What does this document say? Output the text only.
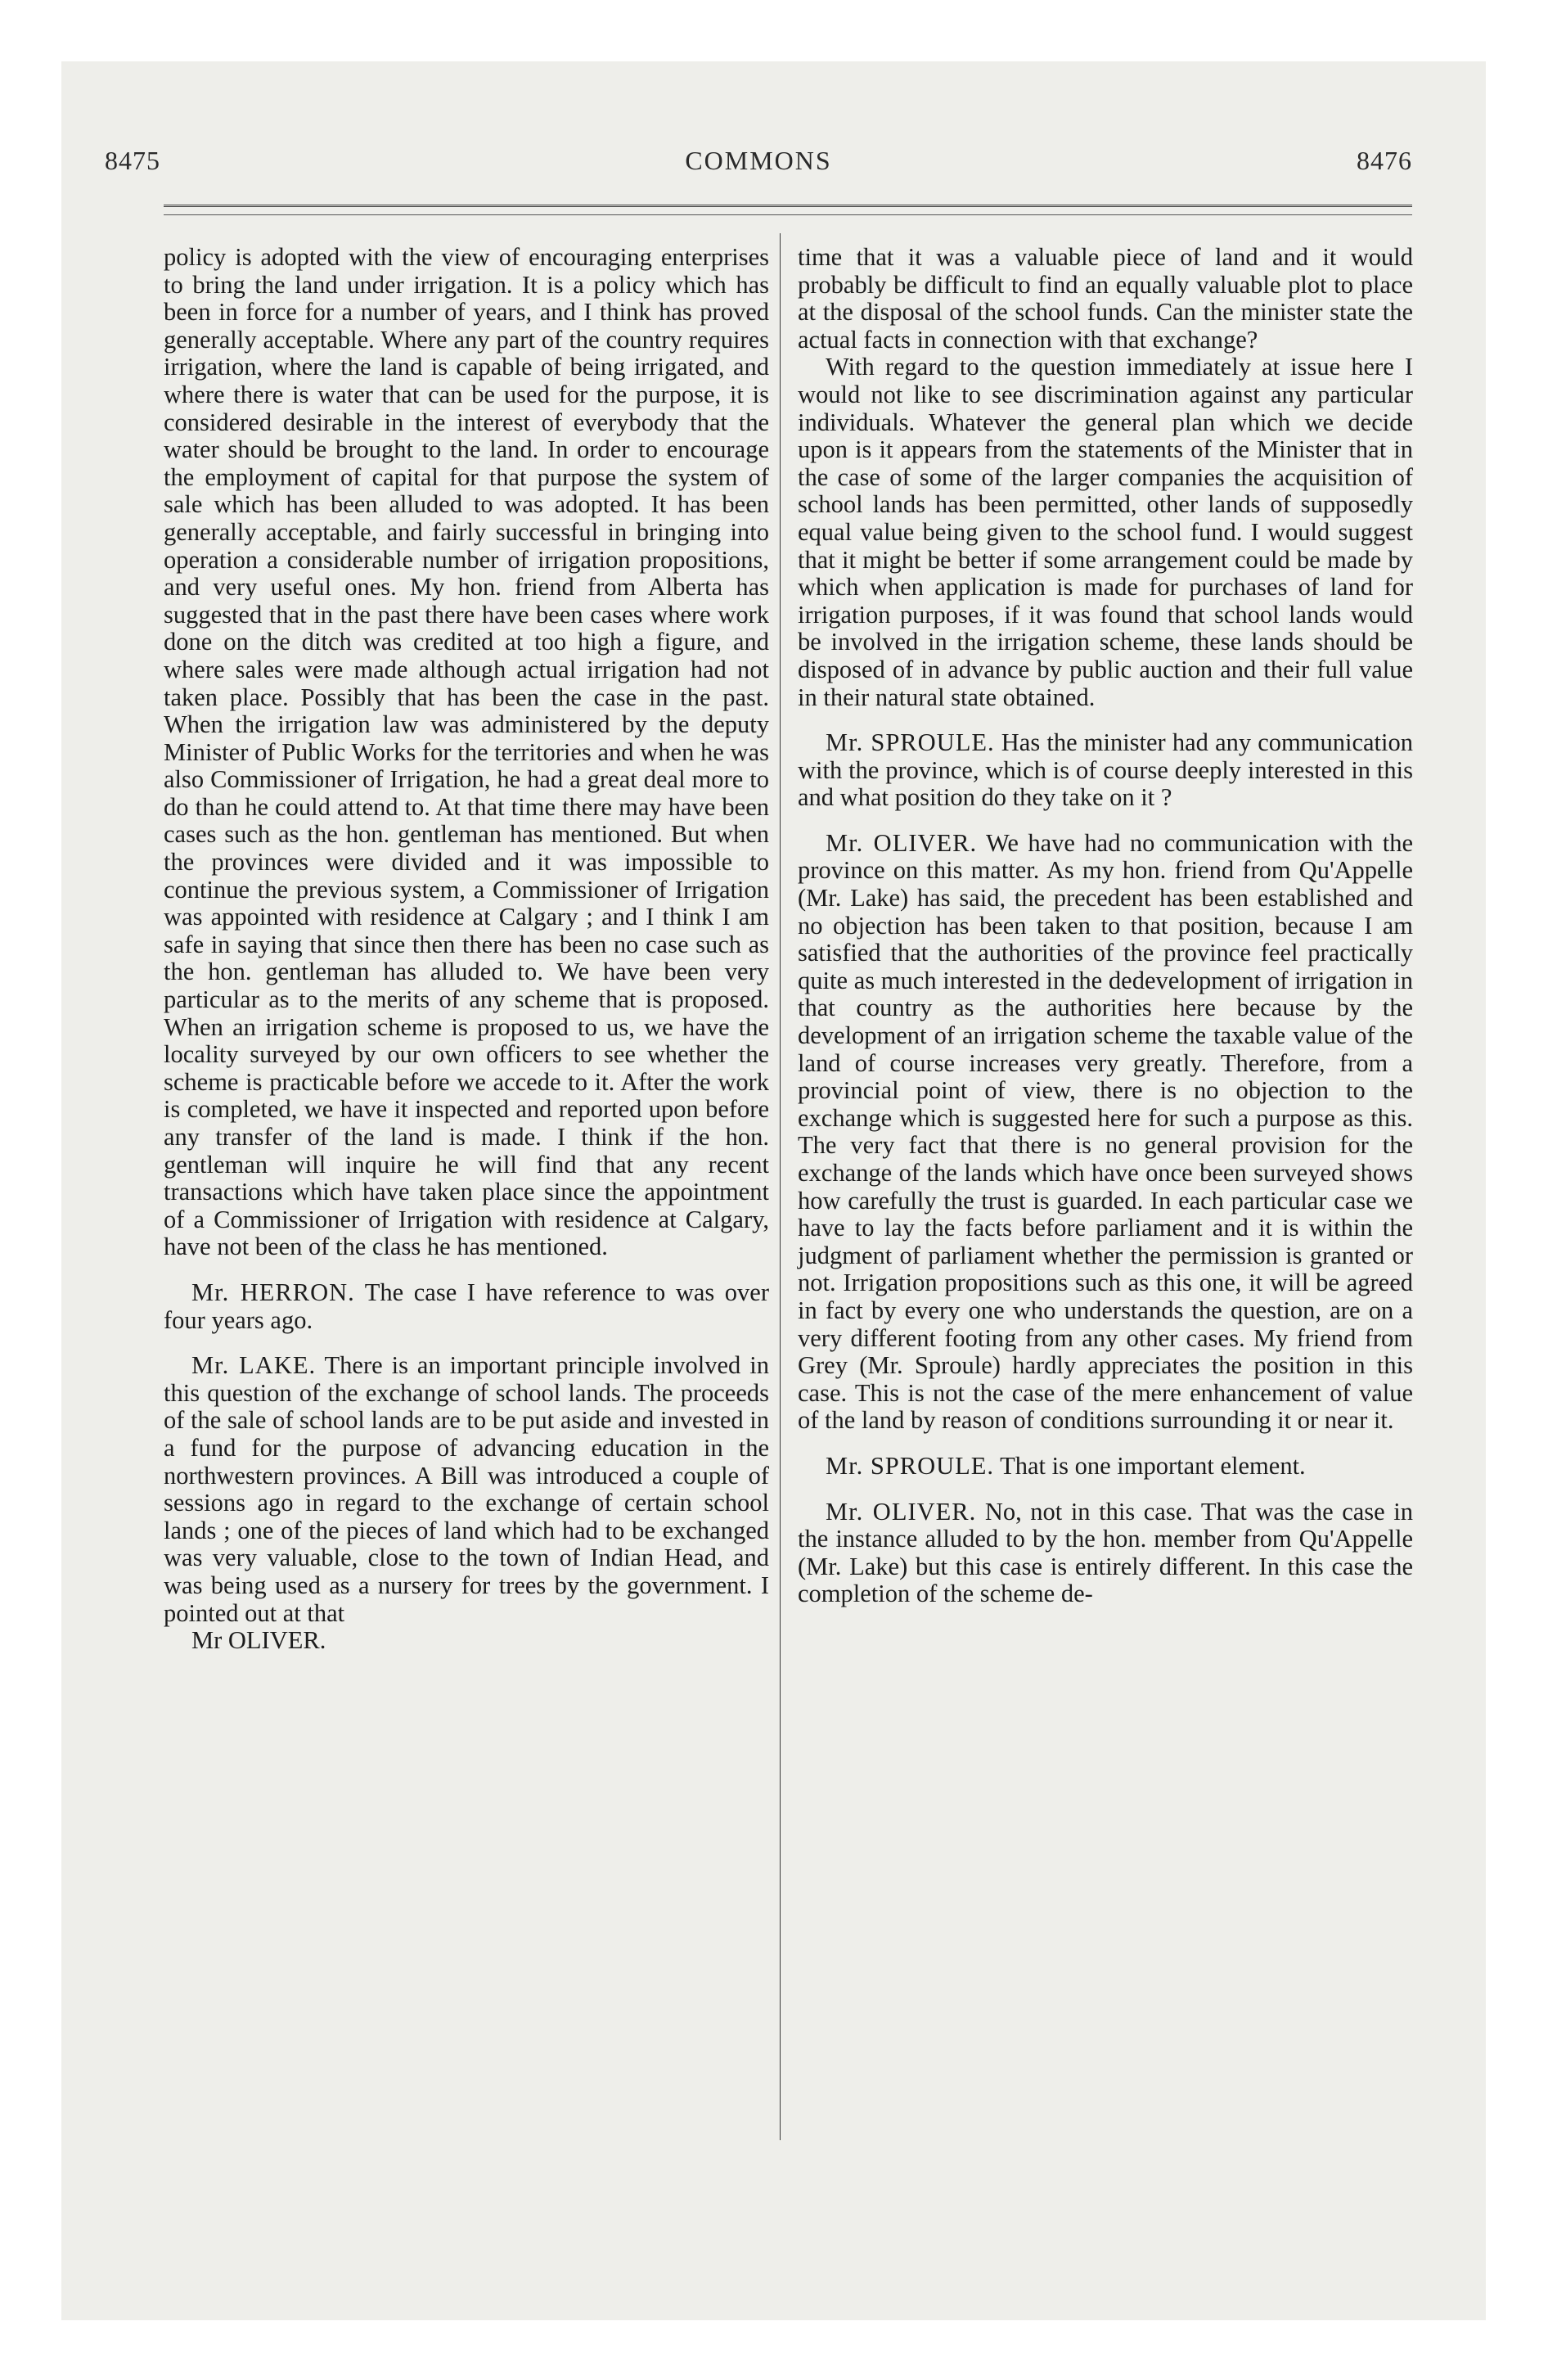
8475	COMMONS	8476

policy is adopted with the view of encouraging enterprises to bring the land under irrigation. It is a policy which has been in force for a number of years, and I think has proved generally acceptable. Where any part of the country requires irrigation, where the land is capable of being irrigated, and where there is water that can be used for the purpose, it is considered desirable in the interest of everybody that the water should be brought to the land. In order to encourage the employment of capital for that purpose the system of sale which has been alluded to was adopted. It has been generally acceptable, and fairly successful in bringing into operation a considerable number of irrigation propositions, and very useful ones. My hon. friend from Alberta has suggested that in the past there have been cases where work done on the ditch was credited at too high a figure, and where sales were made although actual irrigation had not taken place. Possibly that has been the case in the past. When the irrigation law was administered by the deputy Minister of Public Works for the territories and when he was also Commissioner of Irrigation, he had a great deal more to do than he could attend to. At that time there may have been cases such as the hon. gentleman has mentioned. But when the provinces were divided and it was impossible to continue the previous system, a Commissioner of Irrigation was appointed with residence at Calgary ; and I think I am safe in saying that since then there has been no case such as the hon. gentleman has alluded to. We have been very particular as to the merits of any scheme that is proposed. When an irrigation scheme is proposed to us, we have the locality surveyed by our own officers to see whether the scheme is practicable before we accede to it. After the work is completed, we have it inspected and reported upon before any transfer of the land is made. I think if the hon. gentleman will inquire he will find that any recent transactions which have taken place since the appointment of a Commissioner of Irrigation with residence at Calgary, have not been of the class he has mentioned.

Mr. HERRON. The case I have reference to was over four years ago.

Mr. LAKE. There is an important principle involved in this question of the exchange of school lands. The proceeds of the sale of school lands are to be put aside and invested in a fund for the purpose of advancing education in the northwestern provinces. A Bill was introduced a couple of sessions ago in regard to the exchange of certain school lands ; one of the pieces of land which had to be exchanged was very valuable, close to the town of Indian Head, and was being used as a nursery for trees by the government. I pointed out at that

Mr OLIVER.

time that it was a valuable piece of land and it would probably be difficult to find an equally valuable plot to place at the disposal of the school funds. Can the minister state the actual facts in connection with that exchange?

With regard to the question immediately at issue here I would not like to see discrimination against any particular individuals. Whatever the general plan which we decide upon is it appears from the statements of the Minister that in the case of some of the larger companies the acquisition of school lands has been permitted, other lands of supposedly equal value being given to the school fund. I would suggest that it might be better if some arrangement could be made by which when application is made for purchases of land for irrigation purposes, if it was found that school lands would be involved in the irrigation scheme, these lands should be disposed of in advance by public auction and their full value in their natural state obtained.

Mr. SPROULE. Has the minister had any communication with the province, which is of course deeply interested in this and what position do they take on it ?

Mr. OLIVER. We have had no communication with the province on this matter. As my hon. friend from Qu'Appelle (Mr. Lake) has said, the precedent has been established and no objection has been taken to that position, because I am satisfied that the authorities of the province feel practically quite as much interested in the dedevelopment of irrigation in that country as the authorities here because by the development of an irrigation scheme the taxable value of the land of course increases very greatly. Therefore, from a provincial point of view, there is no objection to the exchange which is suggested here for such a purpose as this. The very fact that there is no general provision for the exchange of the lands which have once been surveyed shows how carefully the trust is guarded. In each particular case we have to lay the facts before parliament and it is within the judgment of parliament whether the permission is granted or not. Irrigation propositions such as this one, it will be agreed in fact by every one who understands the question, are on a very different footing from any other cases. My friend from Grey (Mr. Sproule) hardly appreciates the position in this case. This is not the case of the mere enhancement of value of the land by reason of conditions surrounding it or near it.

Mr. SPROULE. That is one important element.

Mr. OLIVER. No, not in this case. That was the case in the instance alluded to by the hon. member from Qu'Appelle (Mr. Lake) but this case is entirely different. In this case the completion of the scheme de-
